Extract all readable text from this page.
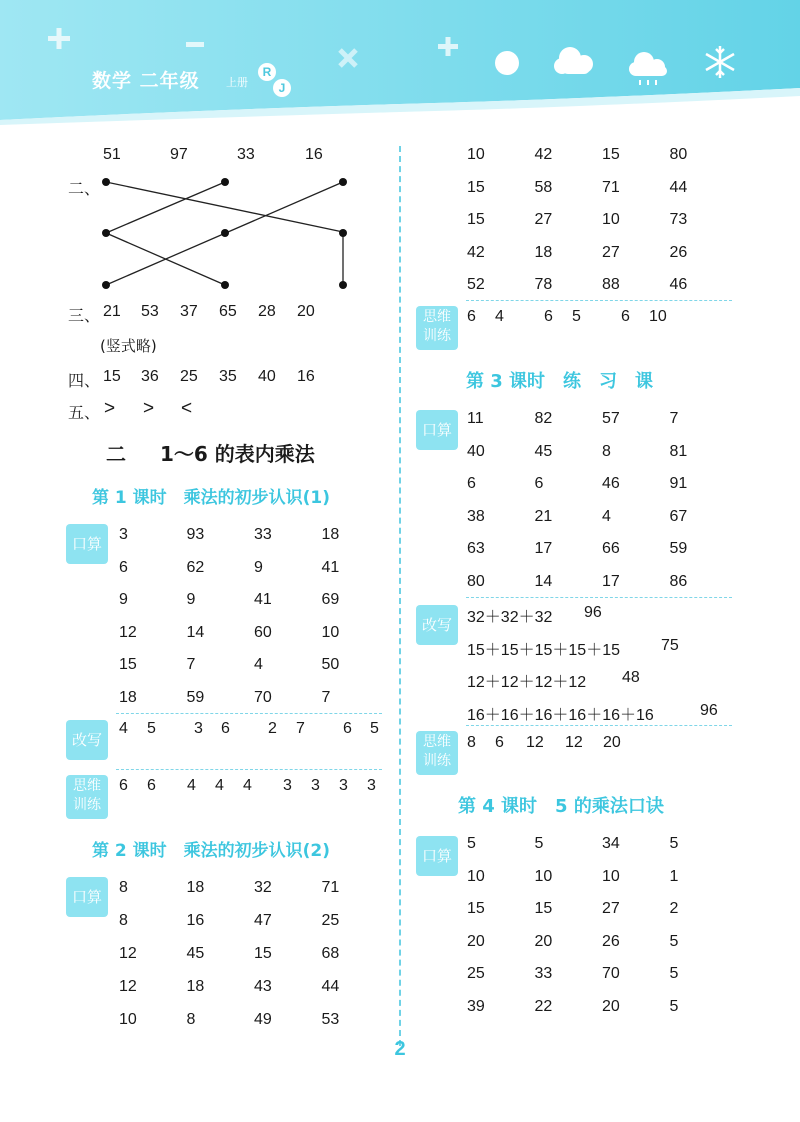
数学 二年级 上册
R
J
51	97	33	16
二、
三、 21 53 37 65 28 20
(竖式略)
四、 15 36 25 35 40 16
五、 > > <
二 1～6 的表内乘法
第 1 课时　乘法的初步认识(1)
口算
3	93	33	18
6	62	9	41
9	9	41	69
12	14	60	10
15	7	4	50
18	59	70	7
改写
4 5 3 6 2 7 6 5
思维
训练
6 6 4 4 4 3 3 3 3
第 2 课时　乘法的初步认识(2)
口算
8	18	32	71
8	16	47	25
12	45	15	68
12	18	43	44
10	8	49	53
10	42	15	80
15	58	71	44
15	27	10	73
42	18	27	26
52	78	88	46
思维
训练
6 4	6 5	6 10
第 3 课时　练　习　课
口算
11	82	57	7
40	45	8	81
6	6	46	91
38	21	4	67
63	17	66	59
80	14	17	86
改写 32＋32＋32 96
15＋15＋15＋15＋15	75
12＋12＋12＋12 48
16＋16＋16＋16＋16＋16	96
思维
训练
8 6 12 12 20
第 4 课时　5 的乘法口诀
口算
5	5	34	5
10	10	10	1
15	15	27	2
20	20	26	5
25	33	70	5
39	22	20	5
2
